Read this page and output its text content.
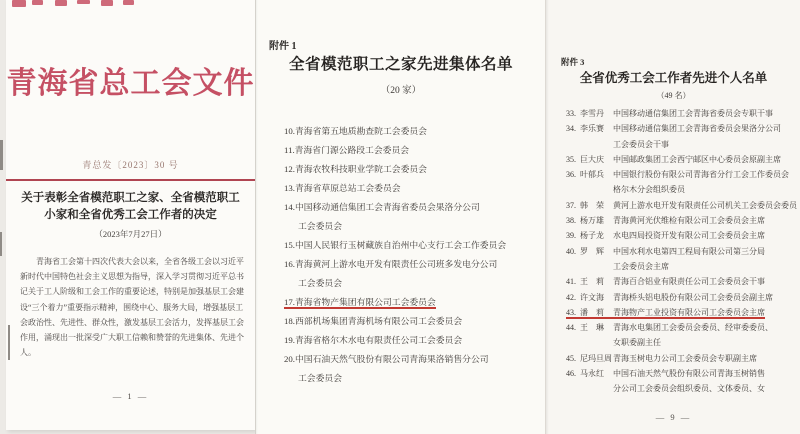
青海省总工会文件
青总发〔2023〕30 号
关于表彰全省模范职工之家、全省模范职工
小家和全省优秀工会工作者的决定
（2023年7月27日）
　　青海省工会第十四次代表大会以来，全省各级工会以习近平
新时代中国特色社会主义思想为指导，深入学习贯彻习近平总书
记关于工人阶级和工会工作的重要论述，特别是加强基层工会建
设“三个着力”重要指示精神，围绕中心、服务大局，增强基层工
会政治性、先进性、群众性，激发基层工会活力，发挥基层工会
作用，涌现出一批深受广大职工信赖和赞誉的先进集体、先进个
人。
— 1 —
附件 1
全省模范职工之家先进集体名单
（20 家）
10.青海省第五地质勘查院工会委员会
11.青海省门源公路段工会委员会
12.青海农牧科技职业学院工会委员会
13.青海省草原总站工会委员会
14.中国移动通信集团工会青海省委员会果洛分公司
工会委员会
15.中国人民银行玉树藏族自治州中心支行工会工作委员会
16.青海黄河上游水电开发有限责任公司班多发电分公司
工会委员会
17.青海省物产集团有限公司工会委员会
18.西部机场集团青海机场有限公司工会委员会
19.青海省格尔木水电有限责任公司工会委员会
20.中国石油天然气股份有限公司青海果洛销售分公司
工会委员会
附件 3
全省优秀工会工作者先进个人名单
（49 名）
33. 李雪丹 中国移动通信集团工会青海省委员会专职干事
34. 李乐赛 中国移动通信集团工会青海省委员会果洛分公司
工会委员会干事
35. 巨大庆 中国邮政集团工会西宁邮区中心委员会原副主席
36. 叶郁兵 中国银行股份有限公司青海省分行工会工作委员会
格尔木分会组织委员
37. 韩　荣 黄河上游水电开发有限责任公司机关工会委员会委员
38. 杨万雄 青海黄河光伏维检有限公司工会委员会主席
39. 杨子龙 水电四局投资开发有限公司工会委员会主席
40. 罗　辉 中国水利水电第四工程局有限公司第三分局
工会委员会主席
41. 王　莉 青海百合铝业有限责任公司工会委员会干事
42. 许文海 青海桥头铝电股份有限公司工会委员会副主席
43. 潘　莉 青海物产工业投资有限公司工会委员会主席
44. 王　琳 青海水电集团工会委员会委员、经审委委员、
女职委副主任
45. 尼玛旦周青海玉树电力公司工会委员会专职副主席
46. 马永红 中国石油天然气股份有限公司青海玉树销售
分公司工会委员会组织委员、文体委员、女
— 9 —
